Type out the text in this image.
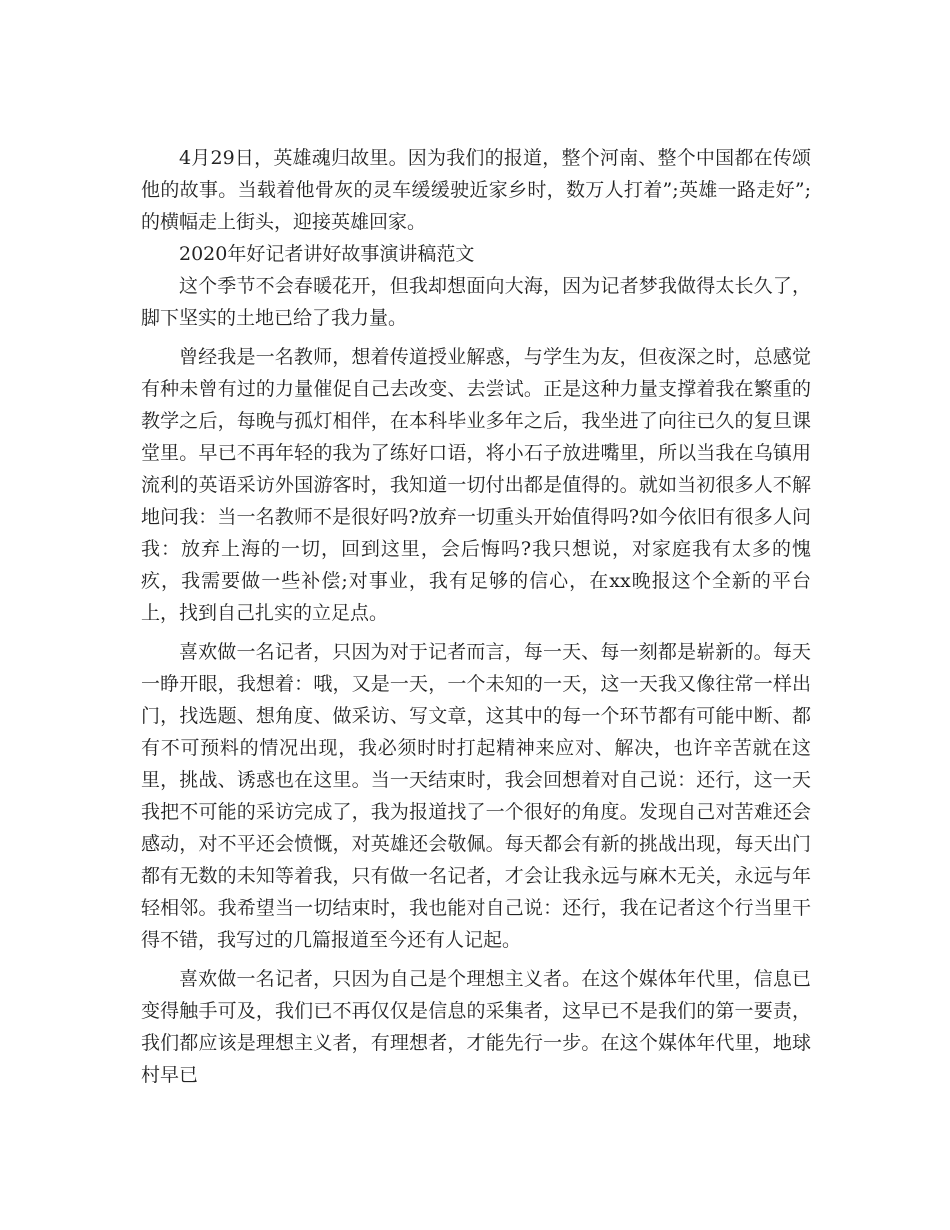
4月29日，英雄魂归故里。因为我们的报道，整个河南、整个中国都在传颂他的故事。当载着他骨灰的灵车缓缓驶近家乡时，数万人打着”;英雄一路走好”;的横幅走上街头，迎接英雄回家。

2020年好记者讲好故事演讲稿范文

这个季节不会春暖花开，但我却想面向大海，因为记者梦我做得太长久了，脚下坚实的土地已给了我力量。

曾经我是一名教师，想着传道授业解惑，与学生为友，但夜深之时，总感觉有种未曾有过的力量催促自己去改变、去尝试。正是这种力量支撑着我在繁重的教学之后，每晚与孤灯相伴，在本科毕业多年之后，我坐进了向往已久的复旦课堂里。早已不再年轻的我为了练好口语，将小石子放进嘴里，所以当我在乌镇用流利的英语采访外国游客时，我知道一切付出都是值得的。就如当初很多人不解地问我：当一名教师不是很好吗?放弃一切重头开始值得吗?如今依旧有很多人问我：放弃上海的一切，回到这里，会后悔吗?我只想说，对家庭我有太多的愧疚，我需要做一些补偿;对事业，我有足够的信心，在xx晚报这个全新的平台上，找到自己扎实的立足点。

喜欢做一名记者，只因为对于记者而言，每一天、每一刻都是崭新的。每天一睁开眼，我想着：哦，又是一天，一个未知的一天，这一天我又像往常一样出门，找选题、想角度、做采访、写文章，这其中的每一个环节都有可能中断、都有不可预料的情况出现，我必须时时打起精神来应对、解决，也许辛苦就在这里，挑战、诱惑也在这里。当一天结束时，我会回想着对自己说：还行，这一天我把不可能的采访完成了，我为报道找了一个很好的角度。发现自己对苦难还会感动，对不平还会愤慨，对英雄还会敬佩。每天都会有新的挑战出现，每天出门都有无数的未知等着我，只有做一名记者，才会让我永远与麻木无关，永远与年轻相邻。我希望当一切结束时，我也能对自己说：还行，我在记者这个行当里干得不错，我写过的几篇报道至今还有人记起。

喜欢做一名记者，只因为自己是个理想主义者。在这个媒体年代里，信息已变得触手可及，我们已不再仅仅是信息的采集者，这早已不是我们的第一要责，我们都应该是理想主义者，有理想者，才能先行一步。在这个媒体年代里，地球村早已
